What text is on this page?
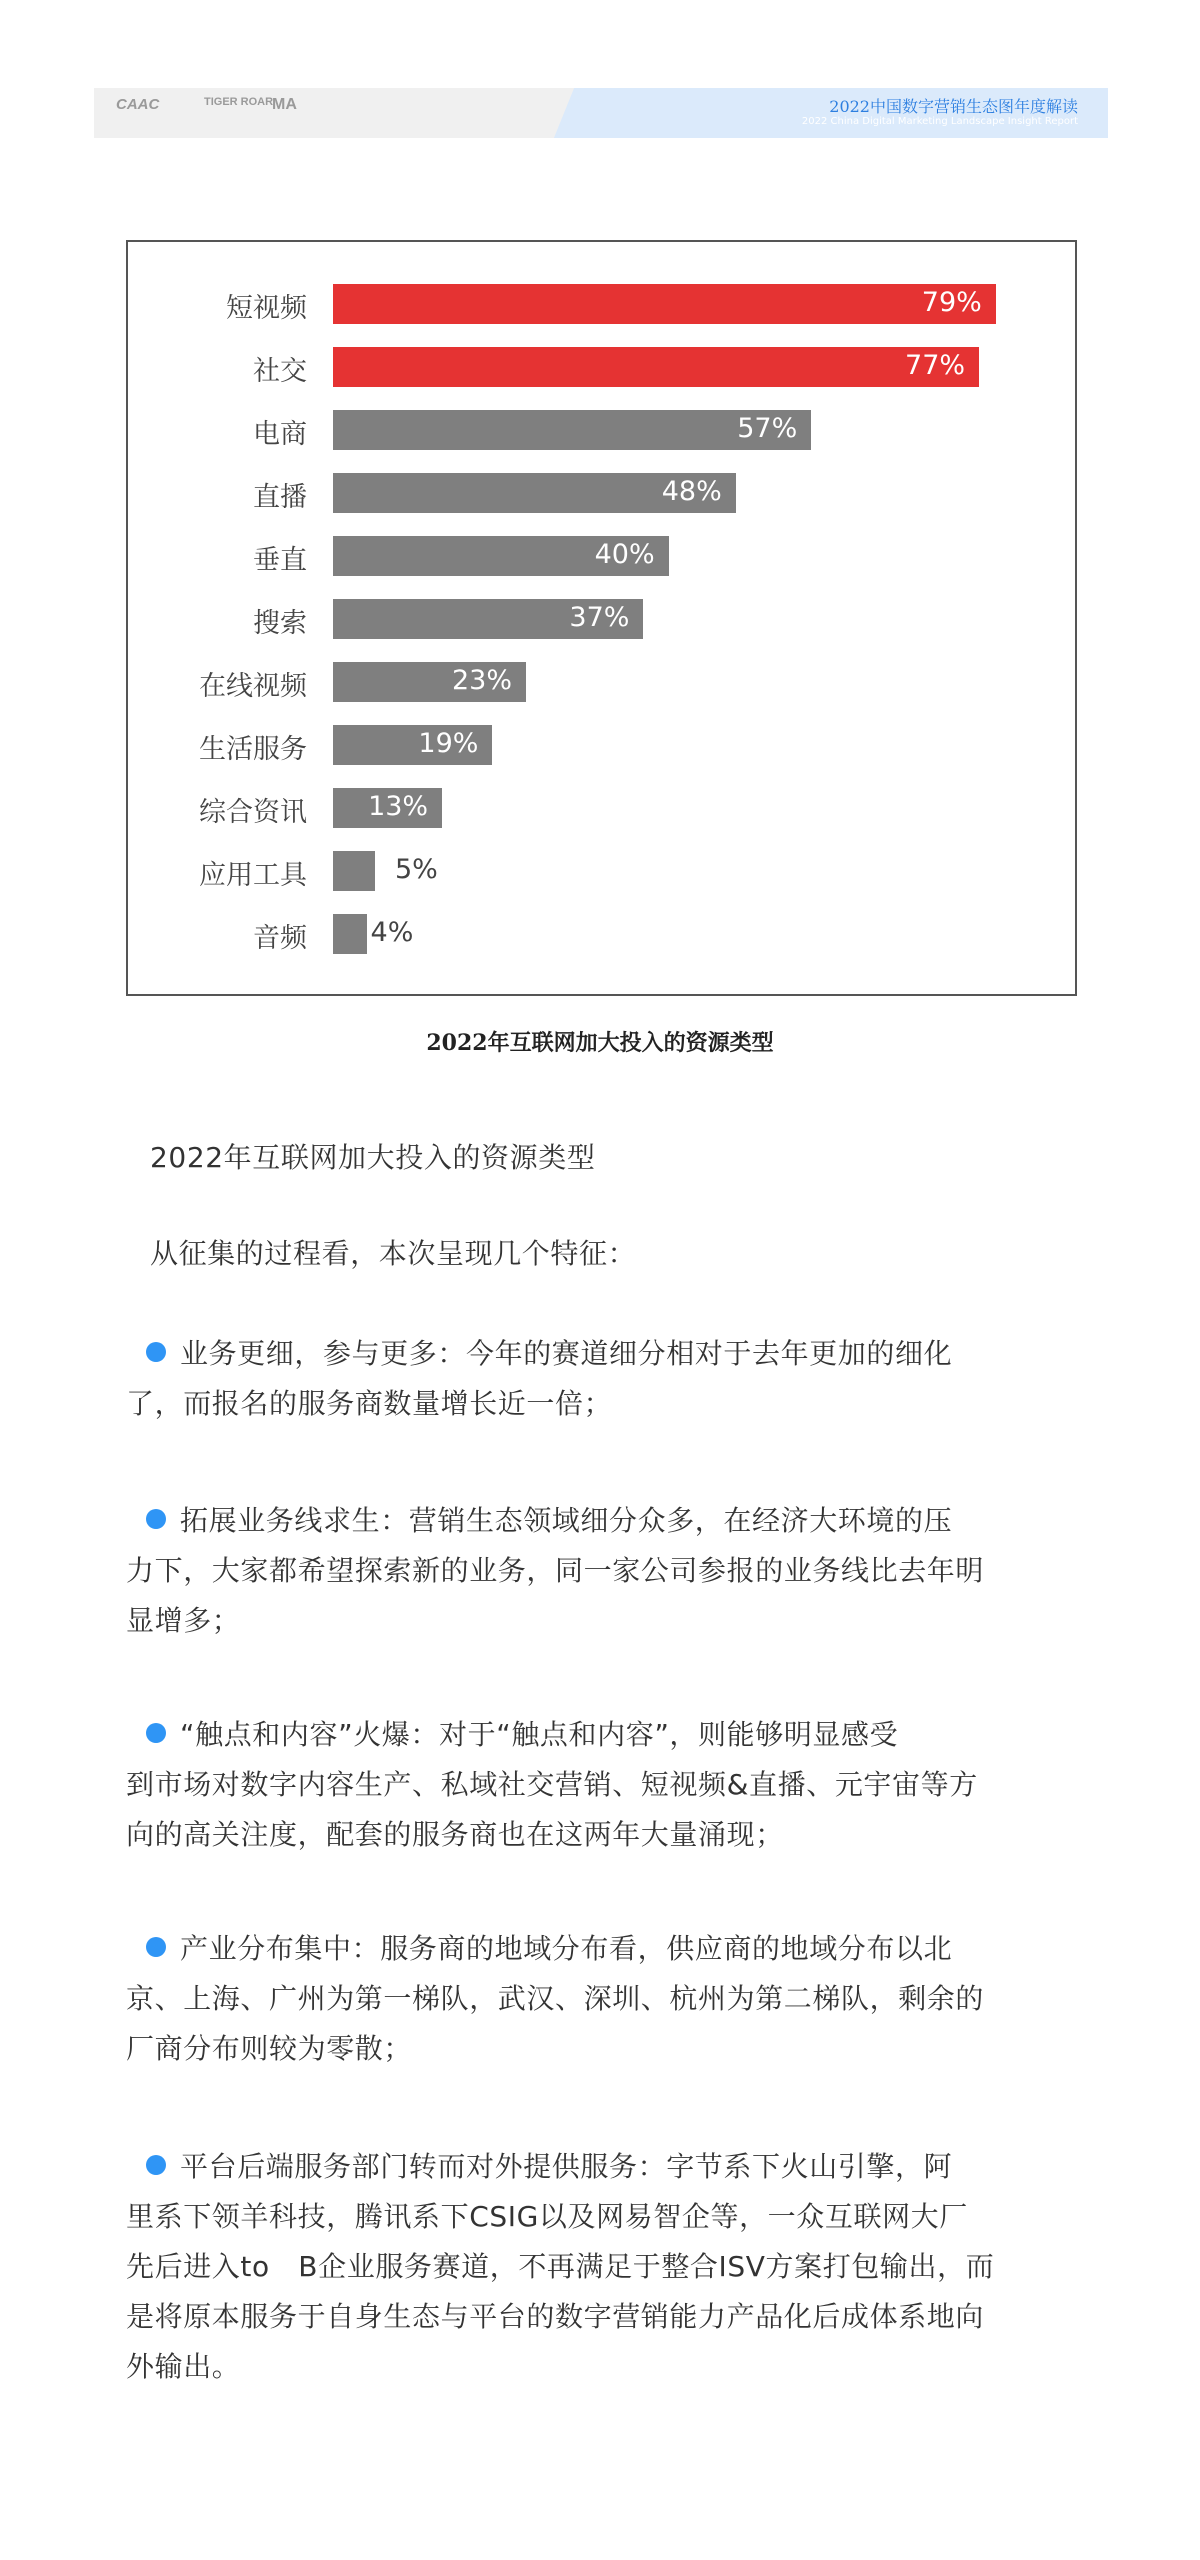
CAAC	TIGER ROAR
MA	2022中国数字营销生态图年度解读
2022 China Digital Marketing Landscape Insight Report
短视频	79%
社交	77%
电商	57%
直播	48%
垂直	40%
搜索	37%
在线视频	23%
生活服务	19%
综合资讯 13%
应用工具	5%
音频 4%
2022年互联网加大投入的资源类型
2022年互联网加大投入的资源类型
从征集的过程看，本次呈现几个特征：
业务更细，参与更多：今年的赛道细分相对于去年更加的细化
了，而报名的服务商数量增长近一倍；
拓展业务线求生：营销生态领域细分众多，在经济大环境的压
力下，大家都希望探索新的业务，同一家公司参报的业务线比去年明
显增多；
“触点和内容”火爆：对于“触点和内容”，则能够明显感受
到市场对数字内容生产、私域社交营销、短视频&直播、元宇宙等方
向的高关注度，配套的服务商也在这两年大量涌现；
产业分布集中：服务商的地域分布看，供应商的地域分布以北
京、上海、广州为第一梯队，武汉、深圳、杭州为第二梯队，剩余的
厂商分布则较为零散；
平台后端服务部门转而对外提供服务：字节系下火山引擎，阿
里系下领羊科技，腾讯系下CSIG以及网易智企等，一众互联网大厂
先后进入to　B企业服务赛道，不再满足于整合ISV方案打包输出，而
是将原本服务于自身生态与平台的数字营销能力产品化后成体系地向
外输出。
